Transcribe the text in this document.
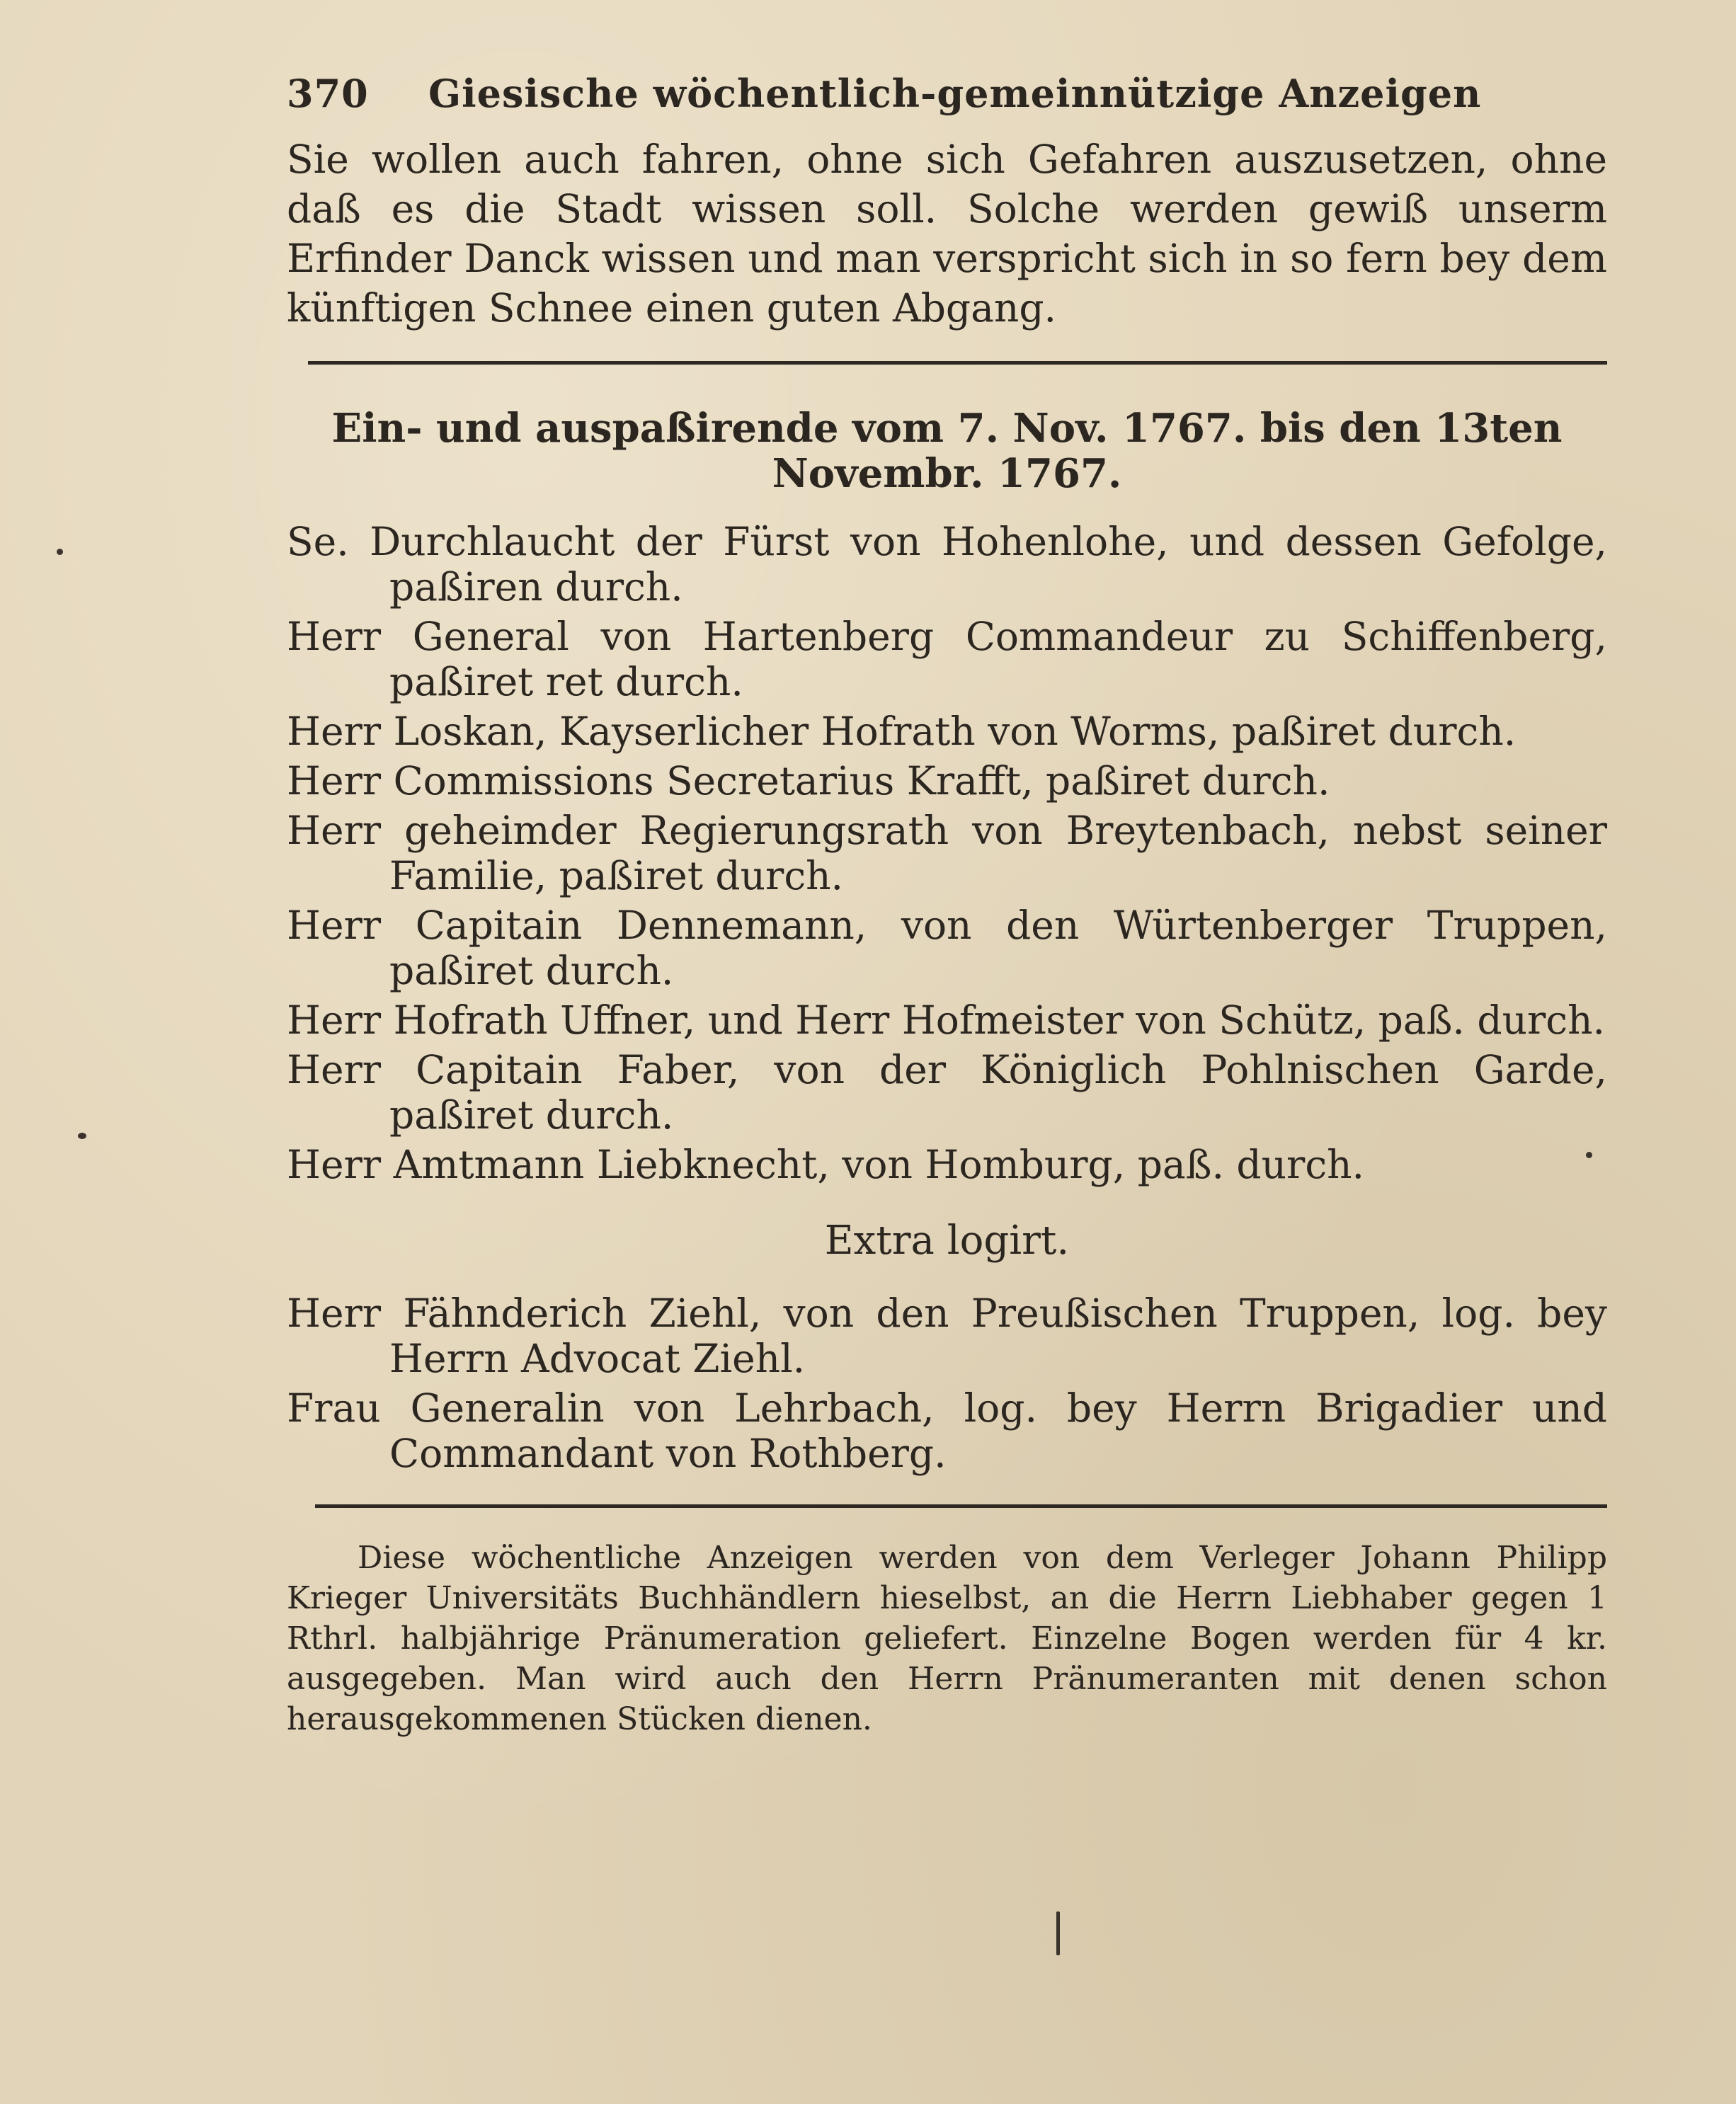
370	Giesische wöchentlich-gemeinnützige Anzeigen

Sie wollen auch fahren, ohne sich Gefahren auszusetzen, ohne daß es die Stadt wissen soll. Solche werden gewiß unserm Erfinder Danck wissen und man verspricht sich in so fern bey dem künftigen Schnee einen guten Abgang.

Ein- und auspaßirende vom 7. Nov. 1767. bis den 13ten Novembr. 1767.

Se. Durchlaucht der Fürst von Hohenlohe, und dessen Gefolge, paßiren durch.

Herr General von Hartenberg Commandeur zu Schiffenberg, paßiret ret durch.

Herr Loskan, Kayserlicher Hofrath von Worms, paßiret durch.

Herr Commissions Secretarius Krafft, paßiret durch.

Herr geheimder Regierungsrath von Breytenbach, nebst seiner Familie, paßiret durch.

Herr Capitain Dennemann, von den Würtenberger Truppen, paßiret durch.

Herr Hofrath Uffner, und Herr Hofmeister von Schütz, paß. durch.

Herr Capitain Faber, von der Königlich Pohlnischen Garde, paßiret durch.

Herr Amtmann Liebknecht, von Homburg, paß. durch.

Extra logirt.

Herr Fähnderich Ziehl, von den Preußischen Truppen, log. bey Herrn Advocat Ziehl.

Frau Generalin von Lehrbach, log. bey Herrn Brigadier und Commandant von Rothberg.

Diese wöchentliche Anzeigen werden von dem Verleger Johann Philipp Krieger Universitäts Buchhändlern hieselbst, an die Herrn Liebhaber gegen 1 Rthrl. halbjährige Pränumeration geliefert. Einzelne Bogen werden für 4 kr. ausgegeben. Man wird auch den Herrn Pränumeranten mit denen schon herausgekommenen Stücken dienen.
